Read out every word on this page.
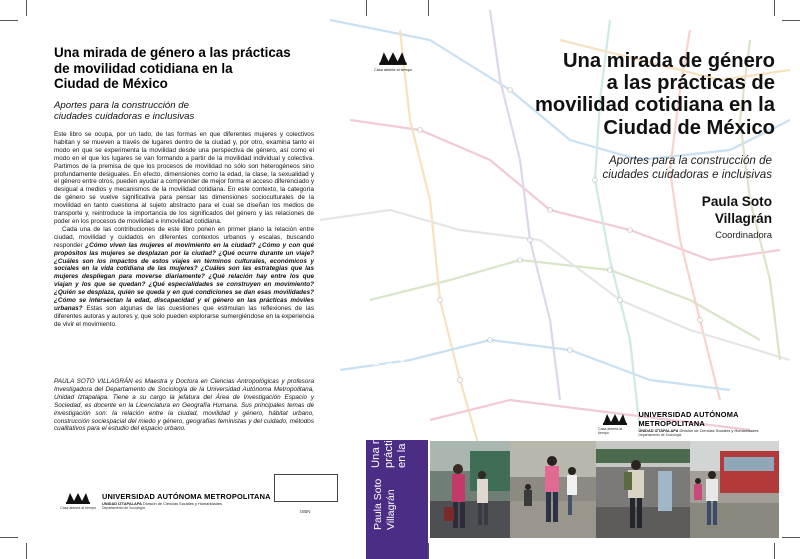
Una mirada de género a las prácticas
de movilidad cotidiana en la
Ciudad de México
Aportes para la construcción de
ciudades cuidadoras e inclusivas

Este libro se ocupa, por un lado, de las formas en que diferentes mujeres y colectivos habitan y se mueven a través de lugares dentro de la ciudad y, por otro, examina tanto el modo en que se experimenta la movilidad desde una perspectiva de género, así como el modo en el que los lugares se van formando a partir de la movilidad individual y colectiva. Partimos de la premisa de que los procesos de movilidad no sólo son heterogéneos sino profundamente desiguales. En efecto, dimensiones como la edad, la clase, la sexualidad y el género entre otros, pueden ayudar a comprender de mejor forma el acceso diferenciado y desigual a medios y mecanismos de la movilidad cotidiana. En este contexto, la categoría de género se vuelve significativa para pensar las dimensiones socioculturales de la movilidad en tanto cuestiona al sujeto abstracto para el cual se diseñan los medios de transporte y, reintroduce la importancia de los significados del género y las relaciones de poder en los procesos de movilidad e inmovilidad cotidiana.

Cada una de las contribuciones de este libro ponen en primer plano la relación entre ciudad, movilidad y cuidados en diferentes contextos urbanos y escalas, buscando responder ¿Cómo viven las mujeres el movimiento en la ciudad? ¿Cómo y con qué propósitos las mujeres se desplazan por la ciudad? ¿Qué ocurre durante un viaje? ¿Cuáles son los impactos de estos viajes en términos culturales, económicos y sociales en la vida cotidiana de las mujeres? ¿Cuáles son las estrategias que las mujeres despliegan para moverse diariamente? ¿Qué relación hay entre los que viajan y los que se quedan? ¿Qué especialidades se construyen en movimiento? ¿Quién se desplaza, quién se queda y en qué condiciones se dan esas movilidades? ¿Cómo se intersectan la edad, discapacidad y el género en las prácticas móviles urbanas? Estas son algunas de las cuestiones que estimulan las reflexiones de las diferentes autoras y autores y, que solo pueden explorarse sumergiéndose en la experiencia de vivir el movimiento.

PAULA SOTO VILLAGRÁN es Maestra y Doctora en Ciencias Antropológicas y profesora Investigadora del Departamento de Sociología de la Universidad Autónoma Metropolitana, Unidad Iztapalapa. Tiene a su cargo la jefatura del Área de Investigación Espacio y Sociedad, es docente en la Licenciatura en Geografía Humana. Sus principales temas de investigación son: la relación entre la ciudad, movilidad y género, hábitat urbano, construcción sociespacial del miedo y género, geografías feministas y del cuidado, métodos cualitativos para el estudio del espacio urbano.
Casa abierta al tiempo
UNIVERSIDAD AUTÓNOMA METROPOLITANA
UNIDAD IZTAPALAPA División de Ciencias Sociales y Humanidades
Departamento de Sociología
ISBN
Una mirada de género a las prácticas de movilidad cotidiana en la Ciudad de México
Paula Soto Villagrán
Casa abierta al tiempo	Una mirada de género
a las prácticas de
movilidad cotidiana en la
Ciudad de México
Aportes para la construcción de
ciudades cuidadoras e inclusivas
Paula Soto
Villagrán
Coordinadora
Casa abierta al tiempo
UNIVERSIDAD AUTÓNOMA METROPOLITANA
UNIDAD IZTAPALAPA División de Ciencias Sociales y Humanidades
Departamento de Sociología
